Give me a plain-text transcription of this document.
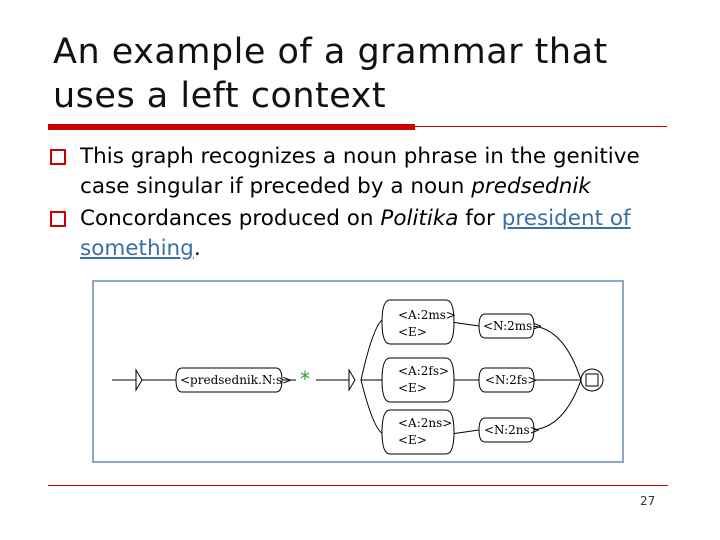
An example of a grammar that uses a left context
This graph recognizes a noun phrase in the genitive case singular if preceded by a noun predsednik
Concordances produced on Politika for president of something.
<predsednik.N:s> *
<A:2ms>
<E>
<A:2fs>
<E>
<A:2ns>
<E>
<N:2ms>
<N:2fs>
<N:2ns>
27
